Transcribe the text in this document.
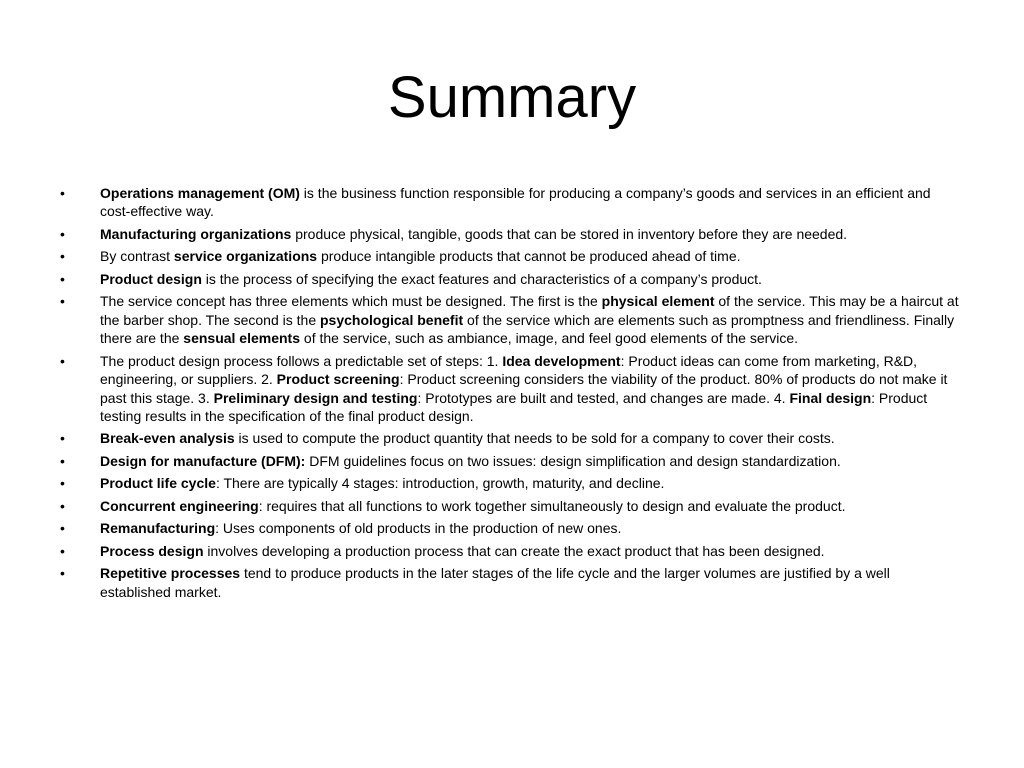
Summary
•	Operations management (OM) is the business function responsible for producing a company’s goods and services in an efficient and cost-effective way.
•	Manufacturing organizations produce physical, tangible, goods that can be stored in inventory before they are needed.
•	By contrast service organizations produce intangible products that cannot be produced ahead of time.
•	Product design is the process of specifying the exact features and characteristics of a company’s product.
•	The service concept has three elements which must be designed. The first is the physical element of the service. This may be a haircut at the barber shop. The second is the psychological benefit of the service which are elements such as promptness and friendliness. Finally there are the sensual elements of the service, such as ambiance, image, and feel good elements of the service.
•	The product design process follows a predictable set of steps: 1. Idea development: Product ideas can come from marketing, R&D, engineering, or suppliers. 2. Product screening: Product screening considers the viability of the product. 80% of products do not make it past this stage. 3. Preliminary design and testing: Prototypes are built and tested, and changes are made. 4. Final design: Product testing results in the specification of the final product design.
•	Break-even analysis is used to compute the product quantity that needs to be sold for a company to cover their costs.
•	Design for manufacture (DFM): DFM guidelines focus on two issues: design simplification and design standardization.
•	Product life cycle: There are typically 4 stages: introduction, growth, maturity, and decline.
•	Concurrent engineering: requires that all functions to work together simultaneously to design and evaluate the product.
•	Remanufacturing: Uses components of old products in the production of new ones.
•	Process design involves developing a production process that can create the exact product that has been designed.
•	Repetitive processes tend to produce products in the later stages of the life cycle and the larger volumes are justified by a well established market.
